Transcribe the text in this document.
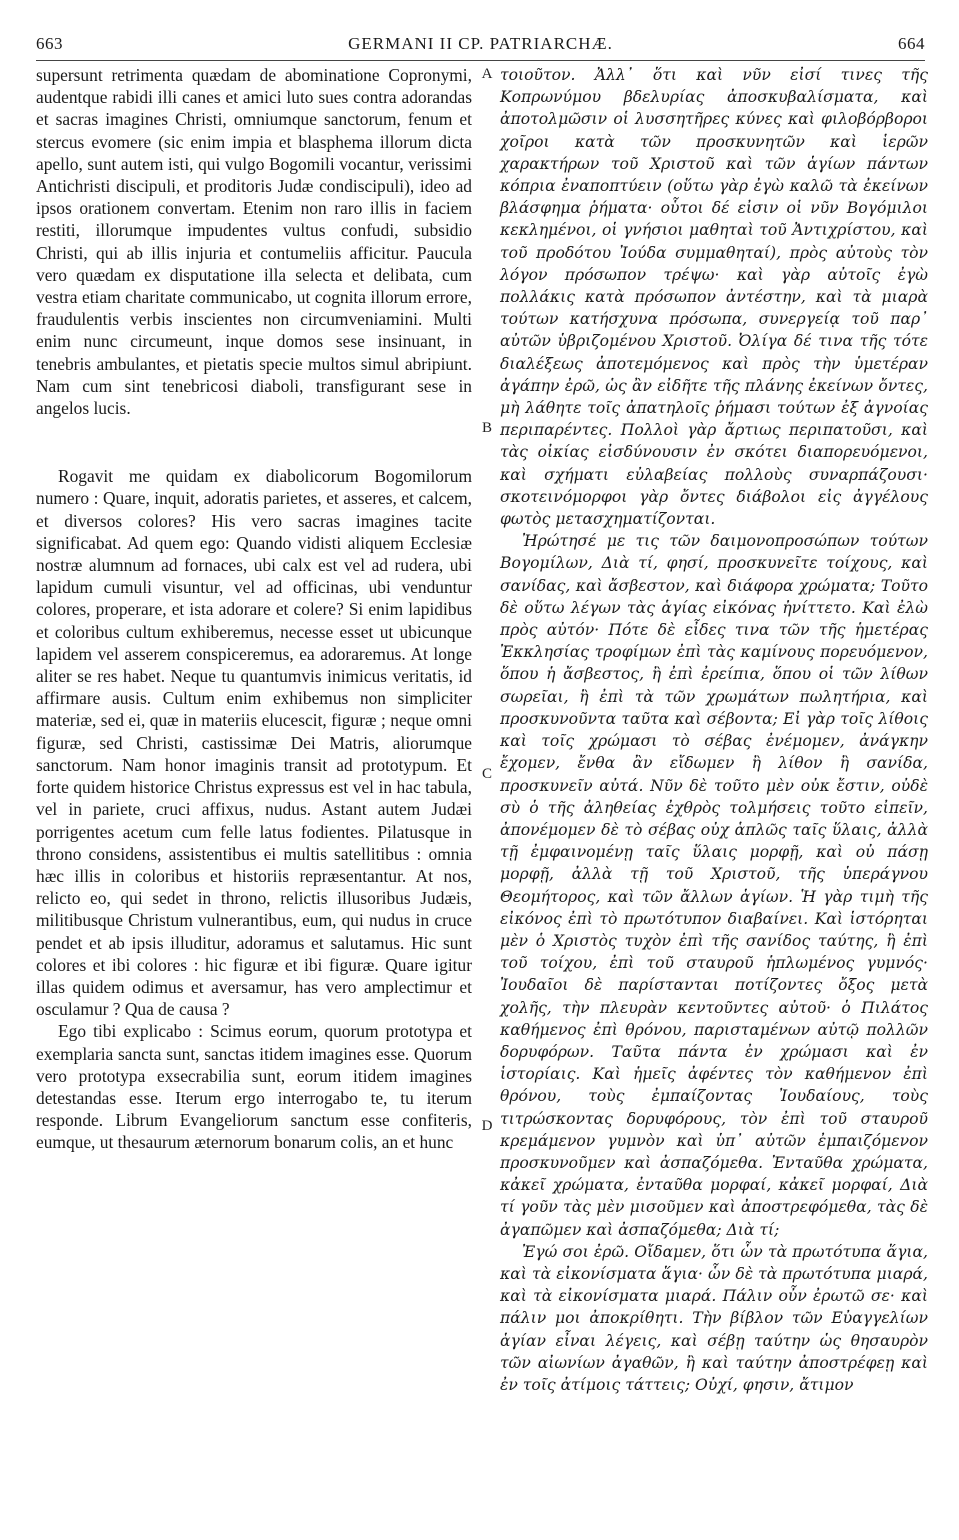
663	GERMANI II CP. PATRIARCHÆ.	664

supersunt retrimenta quædam de abominatione Copronymi, audentque rabidi illi canes et amici luto sues contra adorandas et sacras imagines Christi, omniumque sanctorum, fenum et stercus evomere (sic enim impia et blasphema illorum dicta apello, sunt autem isti, qui vulgo Bogomili vocantur, verissimi Antichristi discipuli, et proditoris Judæ condiscipuli), ideo ad ipsos orationem convertam. Etenim non raro illis in faciem restiti, illorumque impudentes vultus confudi, subsidio Christi, qui ab illis injuria et contumeliis afficitur. Paucula vero quædam ex disputatione illa selecta et delibata, cum vestra etiam charitate communicabo, ut cognita illorum errore, fraudulentis verbis inscientes non circumveniamini. Multi enim nunc circumeunt, inque domos sese insinuant, in tenebris ambulantes, et pietatis specie multos simul abripiunt. Nam cum sint tenebricosi diaboli, transfigurant sese in angelos lucis.

Rogavit me quidam ex diabolicorum Bogomilorum numero : Quare, inquit, adoratis parietes, et asseres, et calcem, et diversos colores? His vero sacras imagines tacite significabat. Ad quem ego: Quando vidisti aliquem Ecclesiæ nostræ alumnum ad fornaces, ubi calx est vel ad rudera, ubi lapidum cumuli visuntur, vel ad officinas, ubi venduntur colores, properare, et ista adorare et colere? Si enim lapidibus et coloribus cultum exhiberemus, necesse esset ut ubicunque lapidem vel asserem conspiceremus, ea adoraremus. At longe aliter se res habet. Neque tu quantumvis inimicus veritatis, id affirmare ausis. Cultum enim exhibemus non simpliciter materiæ, sed ei, quæ in materiis elucescit, figuræ ; neque omni figuræ, sed Christi, castissimæ Dei Matris, aliorumque sanctorum. Nam honor imaginis transit ad prototypum. Et forte quidem historice Christus expressus est vel in hac tabula, vel in pariete, cruci affixus, nudus. Astant autem Judæi porrigentes acetum cum felle latus fodientes. Pilatusque in throno considens, assistentibus ei multis satellitibus : omnia hæc illis in coloribus et historiis repræsentantur. At nos, relicto eo, qui sedet in throno, relictis illusoribus Judæis, militibusque Christum vulnerantibus, eum, qui nudus in cruce pendet et ab ipsis illuditur, adoramus et salutamus. Hic sunt colores et ibi colores : hic figuræ et ibi figuræ. Quare igitur illas quidem odimus et aversamur, has vero amplectimur et osculamur ? Qua de causa ?

Ego tibi explicabo : Scimus eorum, quorum prototypa et exemplaria sancta sunt, sanctas itidem imagines esse. Quorum vero prototypa exsecrabilia sunt, eorum itidem imagines detestandas esse. Iterum ergo interrogabo te, tu iterum responde. Librum Evangeliorum sanctum esse confiteris, eumque, ut thesaurum æternorum bonarum colis, an et hunc

A
B
C
D

τοιοῦτον. Ἀλλ᾽ ὅτι καὶ νῦν εἰσί τινες τῆς Κοπρωνύμου βδελυρίας ἀποσκυβαλίσματα, καὶ ἀποτολμῶσιν οἱ λυσσητῆρες κύνες καὶ φιλοβόρβοροι χοῖροι κατὰ τῶν προσκυνητῶν καὶ ἱερῶν χαρακτήρων τοῦ Χριστοῦ καὶ τῶν ἁγίων πάντων κόπρια ἐναποπτύειν (οὕτω γὰρ ἐγὼ καλῶ τὰ ἐκείνων βλάσφημα ῥήματα· οὗτοι δέ εἰσιν οἱ νῦν Βογόμιλοι κεκλημένοι, οἱ γνήσιοι μαθηταὶ τοῦ Ἀντιχρίστου, καὶ τοῦ προδότου Ἰούδα συμμαθηταί), πρὸς αὐτοὺς τὸν λόγον πρόσωπον τρέψω· καὶ γὰρ αὐτοῖς ἐγὼ πολλάκις κατὰ πρόσωπον ἀντέστην, καὶ τὰ μιαρὰ τούτων κατήσχυνα πρόσωπα, συνεργείᾳ τοῦ παρ᾽ αὐτῶν ὑβριζομένου Χριστοῦ. Ὀλίγα δέ τινα τῆς τότε διαλέξεως ἀποτεμόμενος καὶ πρὸς τὴν ὑμετέραν ἀγάπην ἐρῶ, ὡς ἂν εἰδῆτε τῆς πλάνης ἐκείνων ὄντες, μὴ λάθητε τοῖς ἀπατηλοῖς ῥήμασι τούτων ἐξ ἀγνοίας περιπαρέντες. Πολλοὶ γὰρ ἄρτιως περιπατοῦσι, καὶ τὰς οἰκίας εἰσδύνουσιν ἐν σκότει διαπορευόμενοι, καὶ σχήματι εὐλαβείας πολλοὺς συναρπάζουσι· σκοτεινόμορφοι γὰρ ὄντες διάβολοι εἰς ἀγγέλους φωτὸς μετασχηματίζονται.

Ἠρώτησέ με τις τῶν δαιμονοπροσώπων τούτων Βογομίλων, Διὰ τί, φησί, προσκυνεῖτε τοίχους, καὶ σανίδας, καὶ ἄσβεστον, καὶ διάφορα χρώματα; Τοῦτο δὲ οὕτω λέγων τὰς ἁγίας εἰκόνας ἠνίττετο. Καὶ ἐλὼ πρὸς αὐτόν· Πότε δὲ εἶδες τινα τῶν τῆς ἡμετέρας Ἐκκλησίας τροφίμων ἐπὶ τὰς καμίνους πορευόμενον, ὅπου ἡ ἄσβεστος, ἢ ἐπὶ ἐρείπια, ὅπου οἱ τῶν λίθων σωρεῖαι, ἢ ἐπὶ τὰ τῶν χρωμάτων πωλητήρια, καὶ προσκυνοῦντα ταῦτα καὶ σέβοντα; Εἰ γὰρ τοῖς λίθοις καὶ τοῖς χρώμασι τὸ σέβας ἐνέμομεν, ἀνάγκην ἔχομεν, ἔνθα ἂν εἴδωμεν ἢ λίθον ἢ σανίδα, προσκυνεῖν αὐτά. Νῦν δὲ τοῦτο μὲν οὐκ ἔστιν, οὐδὲ σὺ ὁ τῆς ἀληθείας ἐχθρὸς τολμήσεις τοῦτο εἰπεῖν, ἀπονέμομεν δὲ τὸ σέβας οὐχ ἁπλῶς ταῖς ὕλαις, ἀλλὰ τῇ ἐμφαινομένῃ ταῖς ὕλαις μορφῇ, καὶ οὐ πάσῃ μορφῇ, ἀλλὰ τῇ τοῦ Χριστοῦ, τῆς ὑπεράγνου Θεομήτορος, καὶ τῶν ἄλλων ἁγίων. Ἡ γὰρ τιμὴ τῆς εἰκόνος ἐπὶ τὸ πρωτότυπον διαβαίνει. Καὶ ἱστόρηται μὲν ὁ Χριστὸς τυχὸν ἐπὶ τῆς σανίδος ταύτης, ἢ ἐπὶ τοῦ τοίχου, ἐπὶ τοῦ σταυροῦ ἡπλωμένος γυμνός· Ἰουδαῖοι δὲ παρίστανται ποτίζοντες ὄξος μετὰ χολῆς, τὴν πλευρὰν κεντοῦντες αὐτοῦ· ὁ Πιλάτος καθήμενος ἐπὶ θρόνου, παρισταμένων αὐτῷ πολλῶν δορυφόρων. Ταῦτα πάντα ἐν χρώμασι καὶ ἐν ἱστορίαις. Καὶ ἡμεῖς ἀφέντες τὸν καθήμενον ἐπὶ θρόνου, τοὺς ἐμπαίζοντας Ἰουδαίους, τοὺς τιτρώσκοντας δορυφόρους, τὸν ἐπὶ τοῦ σταυροῦ κρεμάμενον γυμνὸν καὶ ὑπ᾽ αὐτῶν ἐμπαιζόμενον προσκυνοῦμεν καὶ ἀσπαζόμεθα. Ἐνταῦθα χρώματα, κἀκεῖ χρώματα, ἐνταῦθα μορφαί, κἀκεῖ μορφαί, Διὰ τί γοῦν τὰς μὲν μισοῦμεν καὶ ἀποστρεφόμεθα, τὰς δὲ ἀγαπῶμεν καὶ ἀσπαζόμεθα; Διὰ τί;

Ἐγώ σοι ἐρῶ. Οἴδαμεν, ὅτι ὧν τὰ πρωτότυπα ἅγια, καὶ τὰ εἰκονίσματα ἅγια· ὧν δὲ τὰ πρωτότυπα μιαρά, καὶ τὰ εἰκονίσματα μιαρά. Πάλιν οὖν ἐρωτῶ σε· καὶ πάλιν μοι ἀποκρίθητι. Τὴν βίβλον τῶν Εὐαγγελίων ἁγίαν εἶναι λέγεις, καὶ σέβῃ ταύτην ὡς θησαυρὸν τῶν αἰωνίων ἀγαθῶν, ἢ καὶ ταύτην ἀποστρέφεῃ καὶ ἐν τοῖς ἀτίμοις τάττεις; Οὐχί, φησιν, ἄτιμον
